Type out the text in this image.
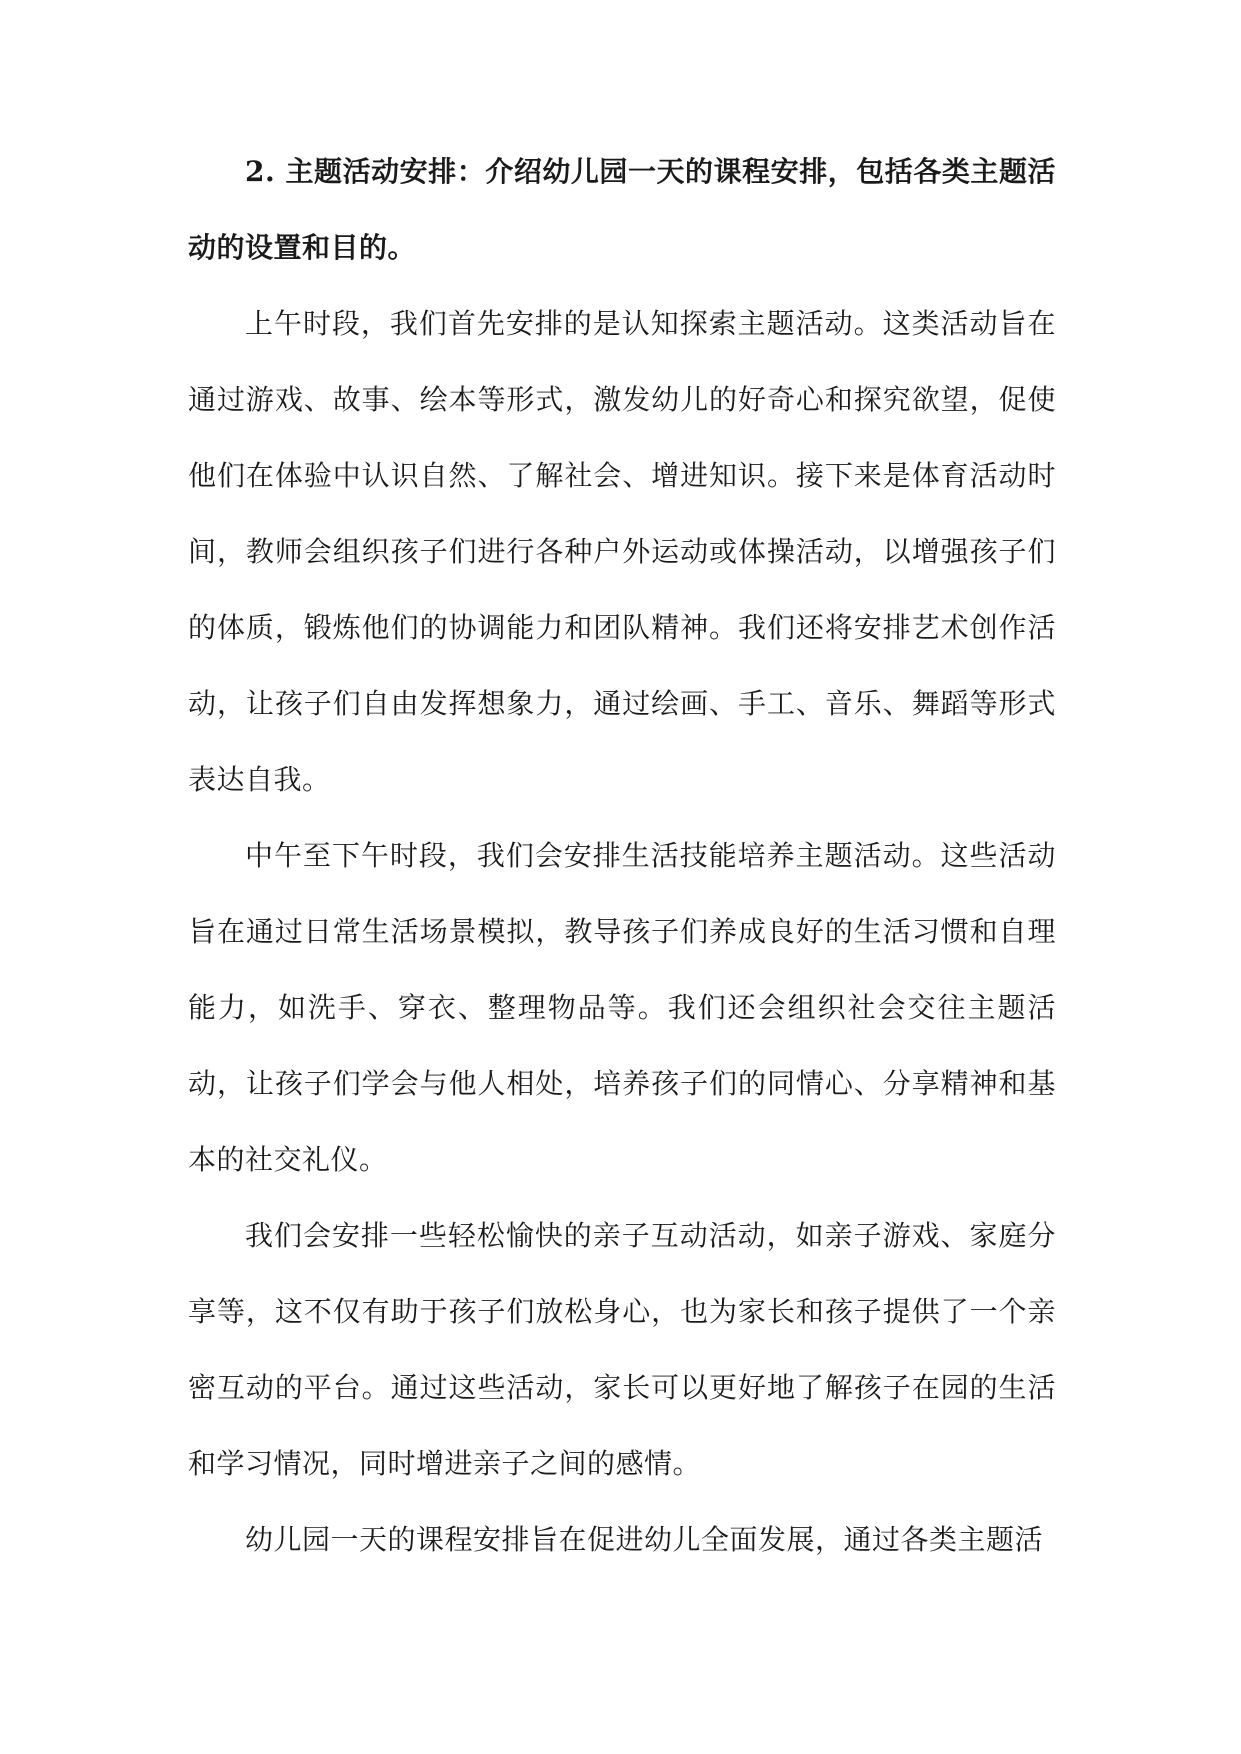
2. 主题活动安排：介绍幼儿园一天的课程安排，包括各类主题活动的设置和目的。

上午时段，我们首先安排的是认知探索主题活动。这类活动旨在通过游戏、故事、绘本等形式，激发幼儿的好奇心和探究欲望，促使他们在体验中认识自然、了解社会、增进知识。接下来是体育活动时间，教师会组织孩子们进行各种户外运动或体操活动，以增强孩子们的体质，锻炼他们的协调能力和团队精神。我们还将安排艺术创作活动，让孩子们自由发挥想象力，通过绘画、手工、音乐、舞蹈等形式表达自我。

中午至下午时段，我们会安排生活技能培养主题活动。这些活动旨在通过日常生活场景模拟，教导孩子们养成良好的生活习惯和自理能力，如洗手、穿衣、整理物品等。我们还会组织社会交往主题活动，让孩子们学会与他人相处，培养孩子们的同情心、分享精神和基本的社交礼仪。

我们会安排一些轻松愉快的亲子互动活动，如亲子游戏、家庭分享等，这不仅有助于孩子们放松身心，也为家长和孩子提供了一个亲密互动的平台。通过这些活动，家长可以更好地了解孩子在园的生活和学习情况，同时增进亲子之间的感情。

幼儿园一天的课程安排旨在促进幼儿全面发展，通过各类主题活
